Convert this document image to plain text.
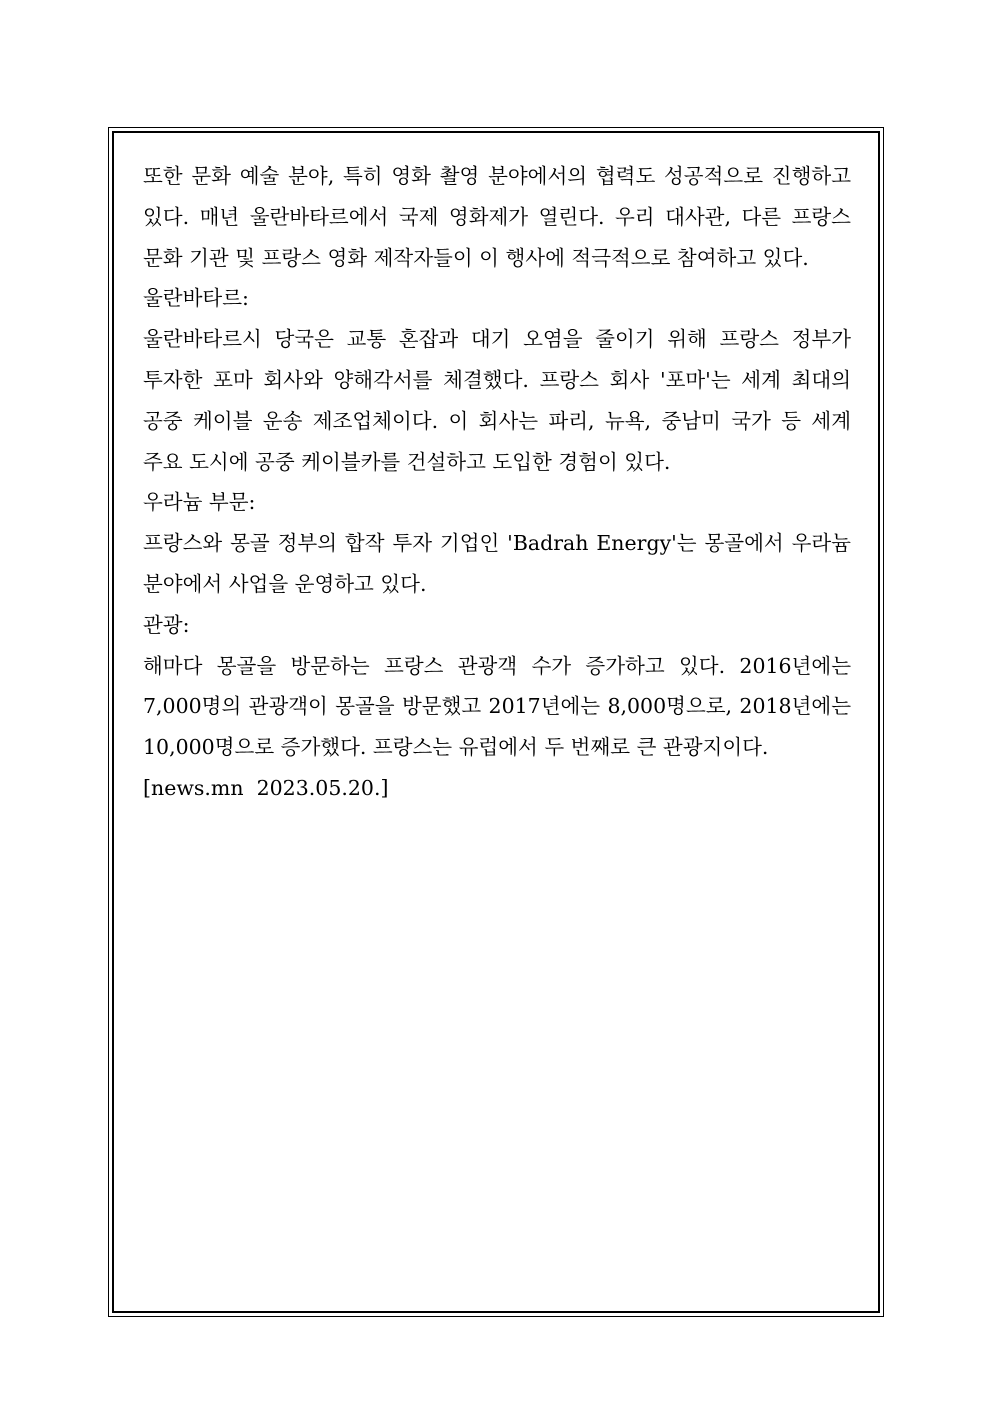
또한 문화 예술 분야, 특히 영화 촬영 분야에서의 협력도 성공적으로 진행하고 있다. 매년 울란바타르에서 국제 영화제가 열린다. 우리 대사관, 다른 프랑스 문화 기관 및 프랑스 영화 제작자들이 이 행사에 적극적으로 참여하고 있다.

울란바타르:

울란바타르시 당국은 교통 혼잡과 대기 오염을 줄이기 위해 프랑스 정부가 투자한 포마 회사와 양해각서를 체결했다. 프랑스 회사 '포마'는 세계 최대의 공중 케이블 운송 제조업체이다. 이 회사는 파리, 뉴욕, 중남미 국가 등 세계 주요 도시에 공중 케이블카를 건설하고 도입한 경험이 있다.

우라늄 부문:

프랑스와 몽골 정부의 합작 투자 기업인 'Badrah Energy'는 몽골에서 우라늄 분야에서 사업을 운영하고 있다.

관광:

해마다 몽골을 방문하는 프랑스 관광객 수가 증가하고 있다. 2016년에는 7,000명의 관광객이 몽골을 방문했고 2017년에는 8,000명으로, 2018년에는 10,000명으로 증가했다. 프랑스는 유럽에서 두 번째로 큰 관광지이다.

[news.mn  2023.05.20.]
